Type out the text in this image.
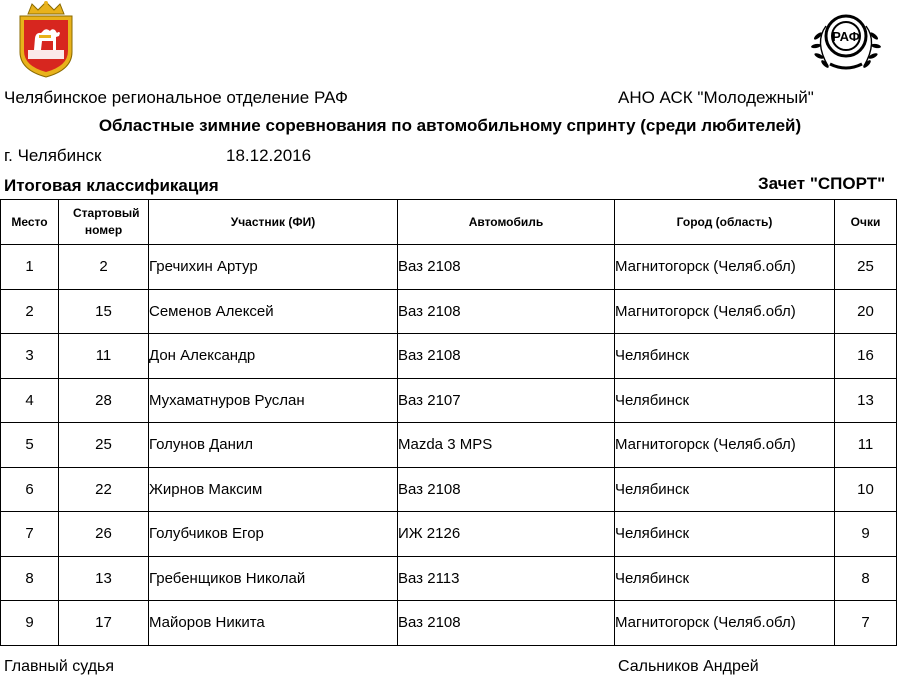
РАФ
Челябинское региональное отделение РАФ	АНО АСК "Молодежный"
Областные зимние соревнования по автомобильному спринту (среди любителей)
г. Челябинск	18.12.2016
Итоговая классификация	Зачет "СПОРТ"
Место	Стартовый номер	Участник (ФИ)	Автомобиль	Город (область)	Очки
1	2	Гречихин Артур	Ваз 2108	Магнитогорск (Челяб.обл)	25
2	15	Семенов Алексей	Ваз 2108	Магнитогорск (Челяб.обл)	20
3	11	Дон Александр	Ваз 2108	Челябинск	16
4	28	Мухаматнуров Руслан	Ваз 2107	Челябинск	13
5	25	Голунов Данил	Mazda 3 MPS	Магнитогорск (Челяб.обл)	11
6	22	Жирнов Максим	Ваз 2108	Челябинск	10
7	26	Голубчиков Егор	ИЖ 2126	Челябинск	9
8	13	Гребенщиков Николай	Ваз 2113	Челябинск	8
9	17	Майоров Никита	Ваз 2108	Магнитогорск (Челяб.обл)	7
Главный судья	Сальников Андрей
